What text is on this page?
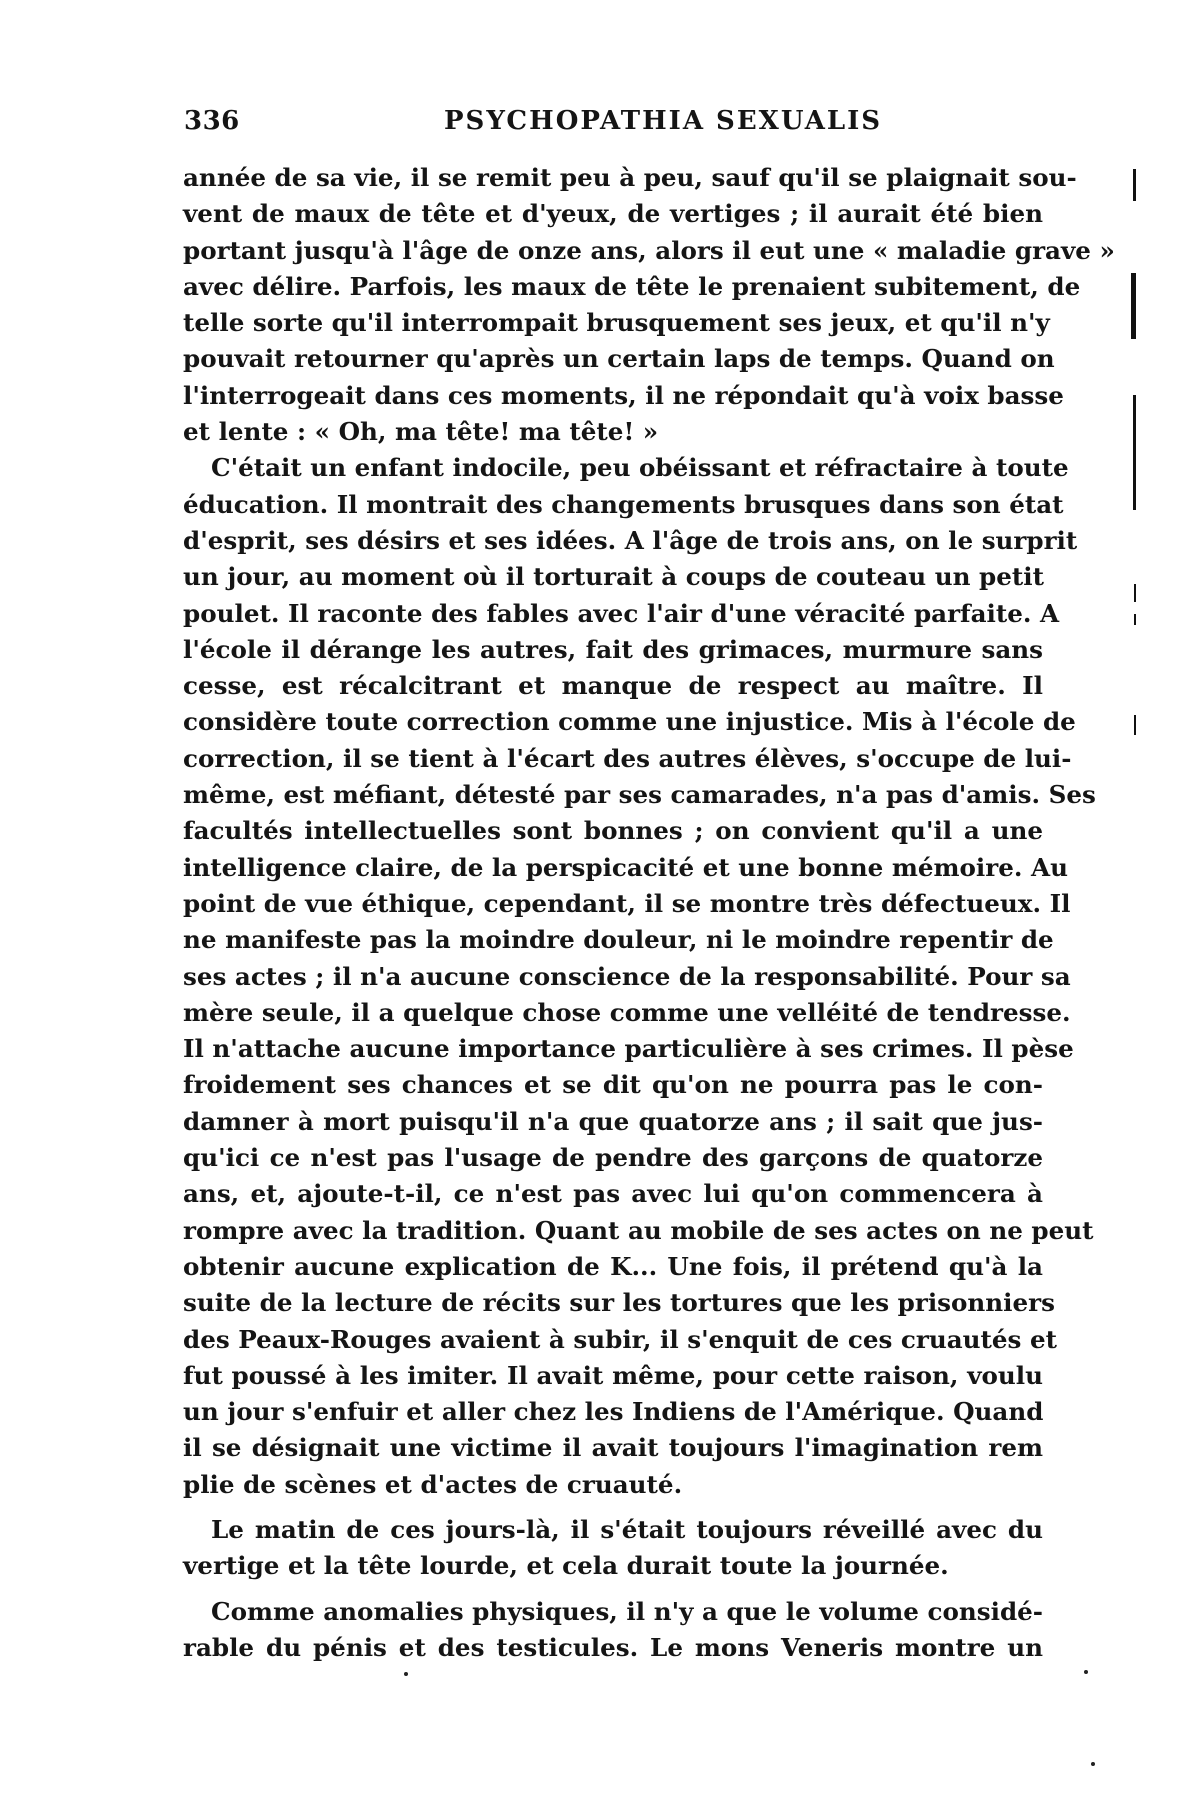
336	PSYCHOPATHIA SEXUALIS
année de sa vie, il se remit peu à peu, sauf qu'il se plaignait sou-
vent de maux de tête et d'yeux, de vertiges ; il aurait été bien
portant jusqu'à l'âge de onze ans, alors il eut une « maladie grave »
avec délire. Parfois, les maux de tête le prenaient subitement, de
telle sorte qu'il interrompait brusquement ses jeux, et qu'il n'y
pouvait retourner qu'après un certain laps de temps. Quand on
l'interrogeait dans ces moments, il ne répondait qu'à voix basse
et lente : « Oh, ma tête! ma tête! »
C'était un enfant indocile, peu obéissant et réfractaire à toute
éducation. Il montrait des changements brusques dans son état
d'esprit, ses désirs et ses idées. A l'âge de trois ans, on le surprit
un jour, au moment où il torturait à coups de couteau un petit
poulet. Il raconte des fables avec l'air d'une véracité parfaite. A
l'école il dérange les autres, fait des grimaces, murmure sans
cesse, est récalcitrant et manque de respect au maître. Il
considère toute correction comme une injustice. Mis à l'école de
correction, il se tient à l'écart des autres élèves, s'occupe de lui-
même, est méfiant, détesté par ses camarades, n'a pas d'amis. Ses
facultés intellectuelles sont bonnes ; on convient qu'il a une
intelligence claire, de la perspicacité et une bonne mémoire. Au
point de vue éthique, cependant, il se montre très défectueux. Il
ne manifeste pas la moindre douleur, ni le moindre repentir de
ses actes ; il n'a aucune conscience de la responsabilité. Pour sa
mère seule, il a quelque chose comme une velléité de tendresse.
Il n'attache aucune importance particulière à ses crimes. Il pèse
froidement ses chances et se dit qu'on ne pourra pas le con-
damner à mort puisqu'il n'a que quatorze ans ; il sait que jus-
qu'ici ce n'est pas l'usage de pendre des garçons de quatorze
ans, et, ajoute-t-il, ce n'est pas avec lui qu'on commencera à
rompre avec la tradition. Quant au mobile de ses actes on ne peut
obtenir aucune explication de K... Une fois, il prétend qu'à la
suite de la lecture de récits sur les tortures que les prisonniers
des Peaux-Rouges avaient à subir, il s'enquit de ces cruautés et
fut poussé à les imiter. Il avait même, pour cette raison, voulu
un jour s'enfuir et aller chez les Indiens de l'Amérique. Quand
il se désignait une victime il avait toujours l'imagination rem
plie de scènes et d'actes de cruauté.
Le matin de ces jours-là, il s'était toujours réveillé avec du
vertige et la tête lourde, et cela durait toute la journée.
Comme anomalies physiques, il n'y a que le volume considé-
rable du pénis et des testicules. Le mons Veneris montre un
